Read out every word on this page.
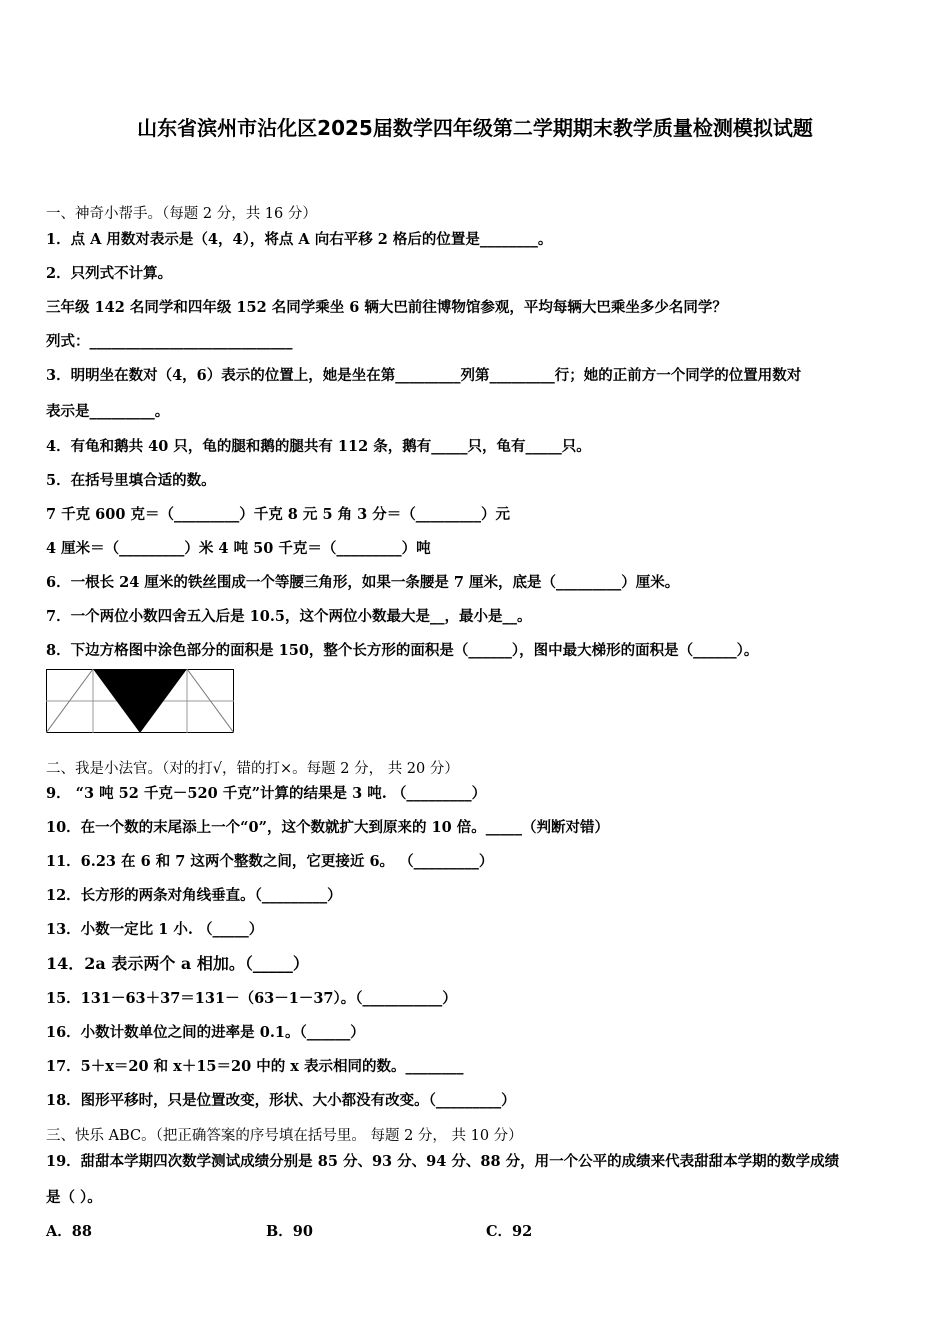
山东省滨州市沾化区2025届数学四年级第二学期期末教学质量检测模拟试题
一、神奇小帮手。（每题 2 分，共 16 分）
1．点 A 用数对表示是（4，4），将点 A 向右平移 2 格后的位置是________。
2．只列式不计算。
三年级 142 名同学和四年级 152 名同学乘坐 6 辆大巴前往博物馆参观，平均每辆大巴乘坐多少名同学？
列式：____________________________
3．明明坐在数对（4，6）表示的位置上，她是坐在第_________列第_________行；她的正前方一个同学的位置用数对
表示是_________。
4．有龟和鹅共 40 只，龟的腿和鹅的腿共有 112 条，鹅有_____只，龟有_____只。
5．在括号里填合适的数。
7 千克 600 克＝（_________）千克 8 元 5 角 3 分＝（_________）元
4 厘米＝（_________）米 4 吨 50 千克＝（_________）吨
6．一根长 24 厘米的铁丝围成一个等腰三角形，如果一条腰是 7 厘米，底是（_________）厘米。
7．一个两位小数四舍五入后是 10.5，这个两位小数最大是__，最小是__。
8．下边方格图中涂色部分的面积是 150，整个长方形的面积是（______），图中最大梯形的面积是（______）。
二、我是小法官。（对的打√，错的打×。每题 2 分， 共 20 分）
9． “3 吨 52 千克－520 千克”计算的结果是 3 吨. （_________）
10．在一个数的末尾添上一个“0”，这个数就扩大到原来的 10 倍。_____（判断对错）
11．6.23 在 6 和 7 这两个整数之间，它更接近 6。 （_________）
12．长方形的两条对角线垂直。（_________）
13．小数一定比 1 小. （_____）
14．2a 表示两个 a 相加。（_____）
15．131－63＋37＝131－（63－1－37）。（___________）
16．小数计数单位之间的进率是 0.1。（______）
17．5＋x＝20 和 x＋15＝20 中的 x 表示相同的数。________
18．图形平移时，只是位置改变，形状、大小都没有改变。（_________）
三、快乐 ABC。（把正确答案的序号填在括号里。 每题 2 分， 共 10 分）
19．甜甜本学期四次数学测试成绩分别是 85 分、93 分、94 分、88 分，用一个公平的成绩来代表甜甜本学期的数学成绩
是（ ）。
A．88	B．90	C．92
